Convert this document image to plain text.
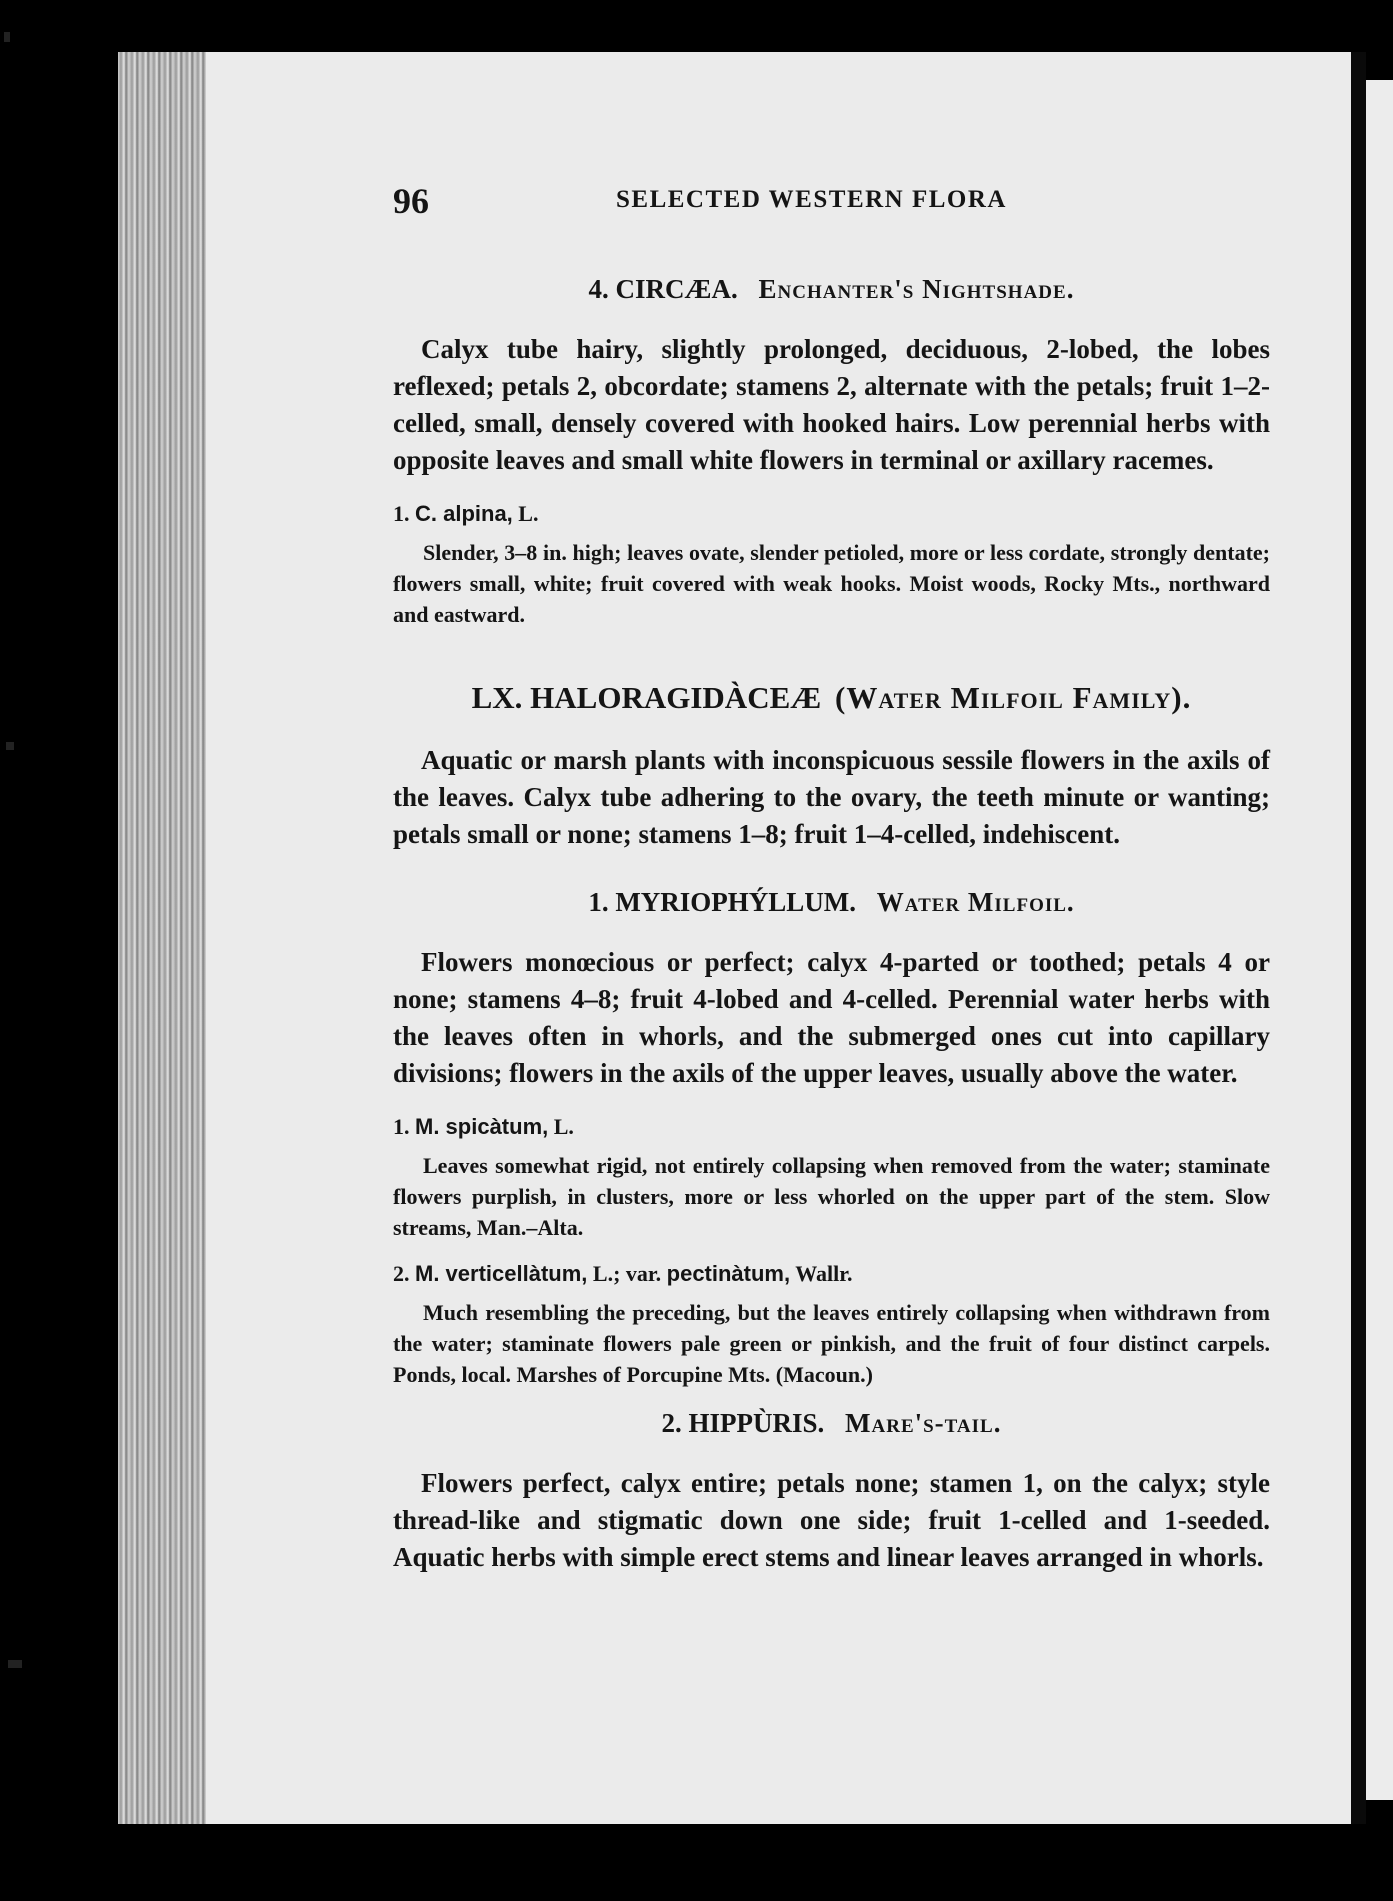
96	SELECTED WESTERN FLORA
4. CIRCÆA. Enchanter's Nightshade.

Calyx tube hairy, slightly prolonged, deciduous, 2-lobed, the lobes reflexed; petals 2, obcordate; stamens 2, alternate with the petals; fruit 1–2-celled, small, densely covered with hooked hairs. Low perennial herbs with opposite leaves and small white flowers in terminal or axillary racemes.

1. C. alpina, L.

Slender, 3–8 in. high; leaves ovate, slender petioled, more or less cordate, strongly dentate; flowers small, white; fruit covered with weak hooks. Moist woods, Rocky Mts., northward and eastward.

LX. HALORAGIDÀCEÆ (Water Milfoil Family).

Aquatic or marsh plants with inconspicuous sessile flowers in the axils of the leaves. Calyx tube adhering to the ovary, the teeth minute or wanting; petals small or none; stamens 1–8; fruit 1–4-celled, indehiscent.

1. MYRIOPHÝLLUM. Water Milfoil.

Flowers monœcious or perfect; calyx 4-parted or toothed; petals 4 or none; stamens 4–8; fruit 4-lobed and 4-celled. Perennial water herbs with the leaves often in whorls, and the submerged ones cut into capillary divisions; flowers in the axils of the upper leaves, usually above the water.

1. M. spicàtum, L.

Leaves somewhat rigid, not entirely collapsing when removed from the water; staminate flowers purplish, in clusters, more or less whorled on the upper part of the stem. Slow streams, Man.–Alta.

2. M. verticellàtum, L.; var. pectinàtum, Wallr.

Much resembling the preceding, but the leaves entirely collapsing when withdrawn from the water; staminate flowers pale green or pinkish, and the fruit of four distinct carpels. Ponds, local. Marshes of Porcupine Mts. (Macoun.)

2. HIPPÙRIS. Mare's-tail.

Flowers perfect, calyx entire; petals none; stamen 1, on the calyx; style thread-like and stigmatic down one side; fruit 1-celled and 1-seeded. Aquatic herbs with simple erect stems and linear leaves arranged in whorls.
